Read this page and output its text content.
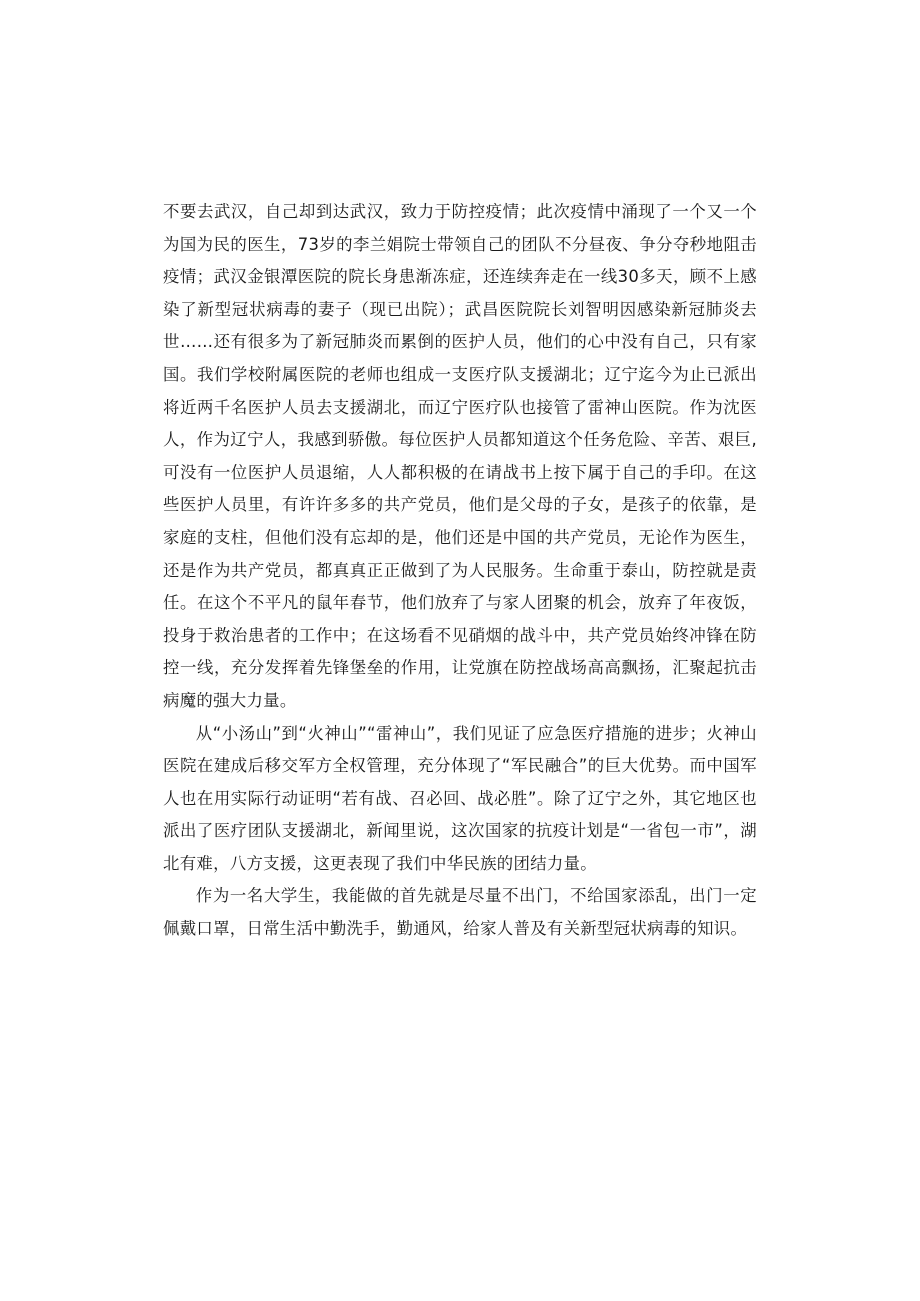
不要去武汉，自己却到达武汉，致力于防控疫情；此次疫情中涌现了一个又一个为国为民的医生，73岁的李兰娟院士带领自己的团队不分昼夜、争分夺秒地阻击疫情；武汉金银潭医院的院长身患渐冻症，还连续奔走在一线30多天，顾不上感染了新型冠状病毒的妻子（现已出院）；武昌医院院长刘智明因感染新冠肺炎去世……还有很多为了新冠肺炎而累倒的医护人员，他们的心中没有自己，只有家国。我们学校附属医院的老师也组成一支医疗队支援湖北；辽宁迄今为止已派出将近两千名医护人员去支援湖北，而辽宁医疗队也接管了雷神山医院。作为沈医人，作为辽宁人，我感到骄傲。每位医护人员都知道这个任务危险、辛苦、艰巨,可没有一位医护人员退缩，人人都积极的在请战书上按下属于自己的手印。在这些医护人员里，有许许多多的共产党员，他们是父母的子女，是孩子的依靠，是家庭的支柱，但他们没有忘却的是，他们还是中国的共产党员，无论作为医生，还是作为共产党员，都真真正正做到了为人民服务。生命重于泰山，防控就是责任。在这个不平凡的鼠年春节，他们放弃了与家人团聚的机会，放弃了年夜饭，投身于救治患者的工作中；在这场看不见硝烟的战斗中，共产党员始终冲锋在防控一线，充分发挥着先锋堡垒的作用，让党旗在防控战场高高飘扬，汇聚起抗击病魔的强大力量。

从“小汤山”到“火神山”“雷神山”，我们见证了应急医疗措施的进步；火神山医院在建成后移交军方全权管理，充分体现了“军民融合”的巨大优势。而中国军人也在用实际行动证明“若有战、召必回、战必胜”。除了辽宁之外，其它地区也派出了医疗团队支援湖北，新闻里说，这次国家的抗疫计划是“一省包一市”，湖北有难，八方支援，这更表现了我们中华民族的团结力量。

作为一名大学生，我能做的首先就是尽量不出门，不给国家添乱，出门一定佩戴口罩，日常生活中勤洗手，勤通风，给家人普及有关新型冠状病毒的知识。
